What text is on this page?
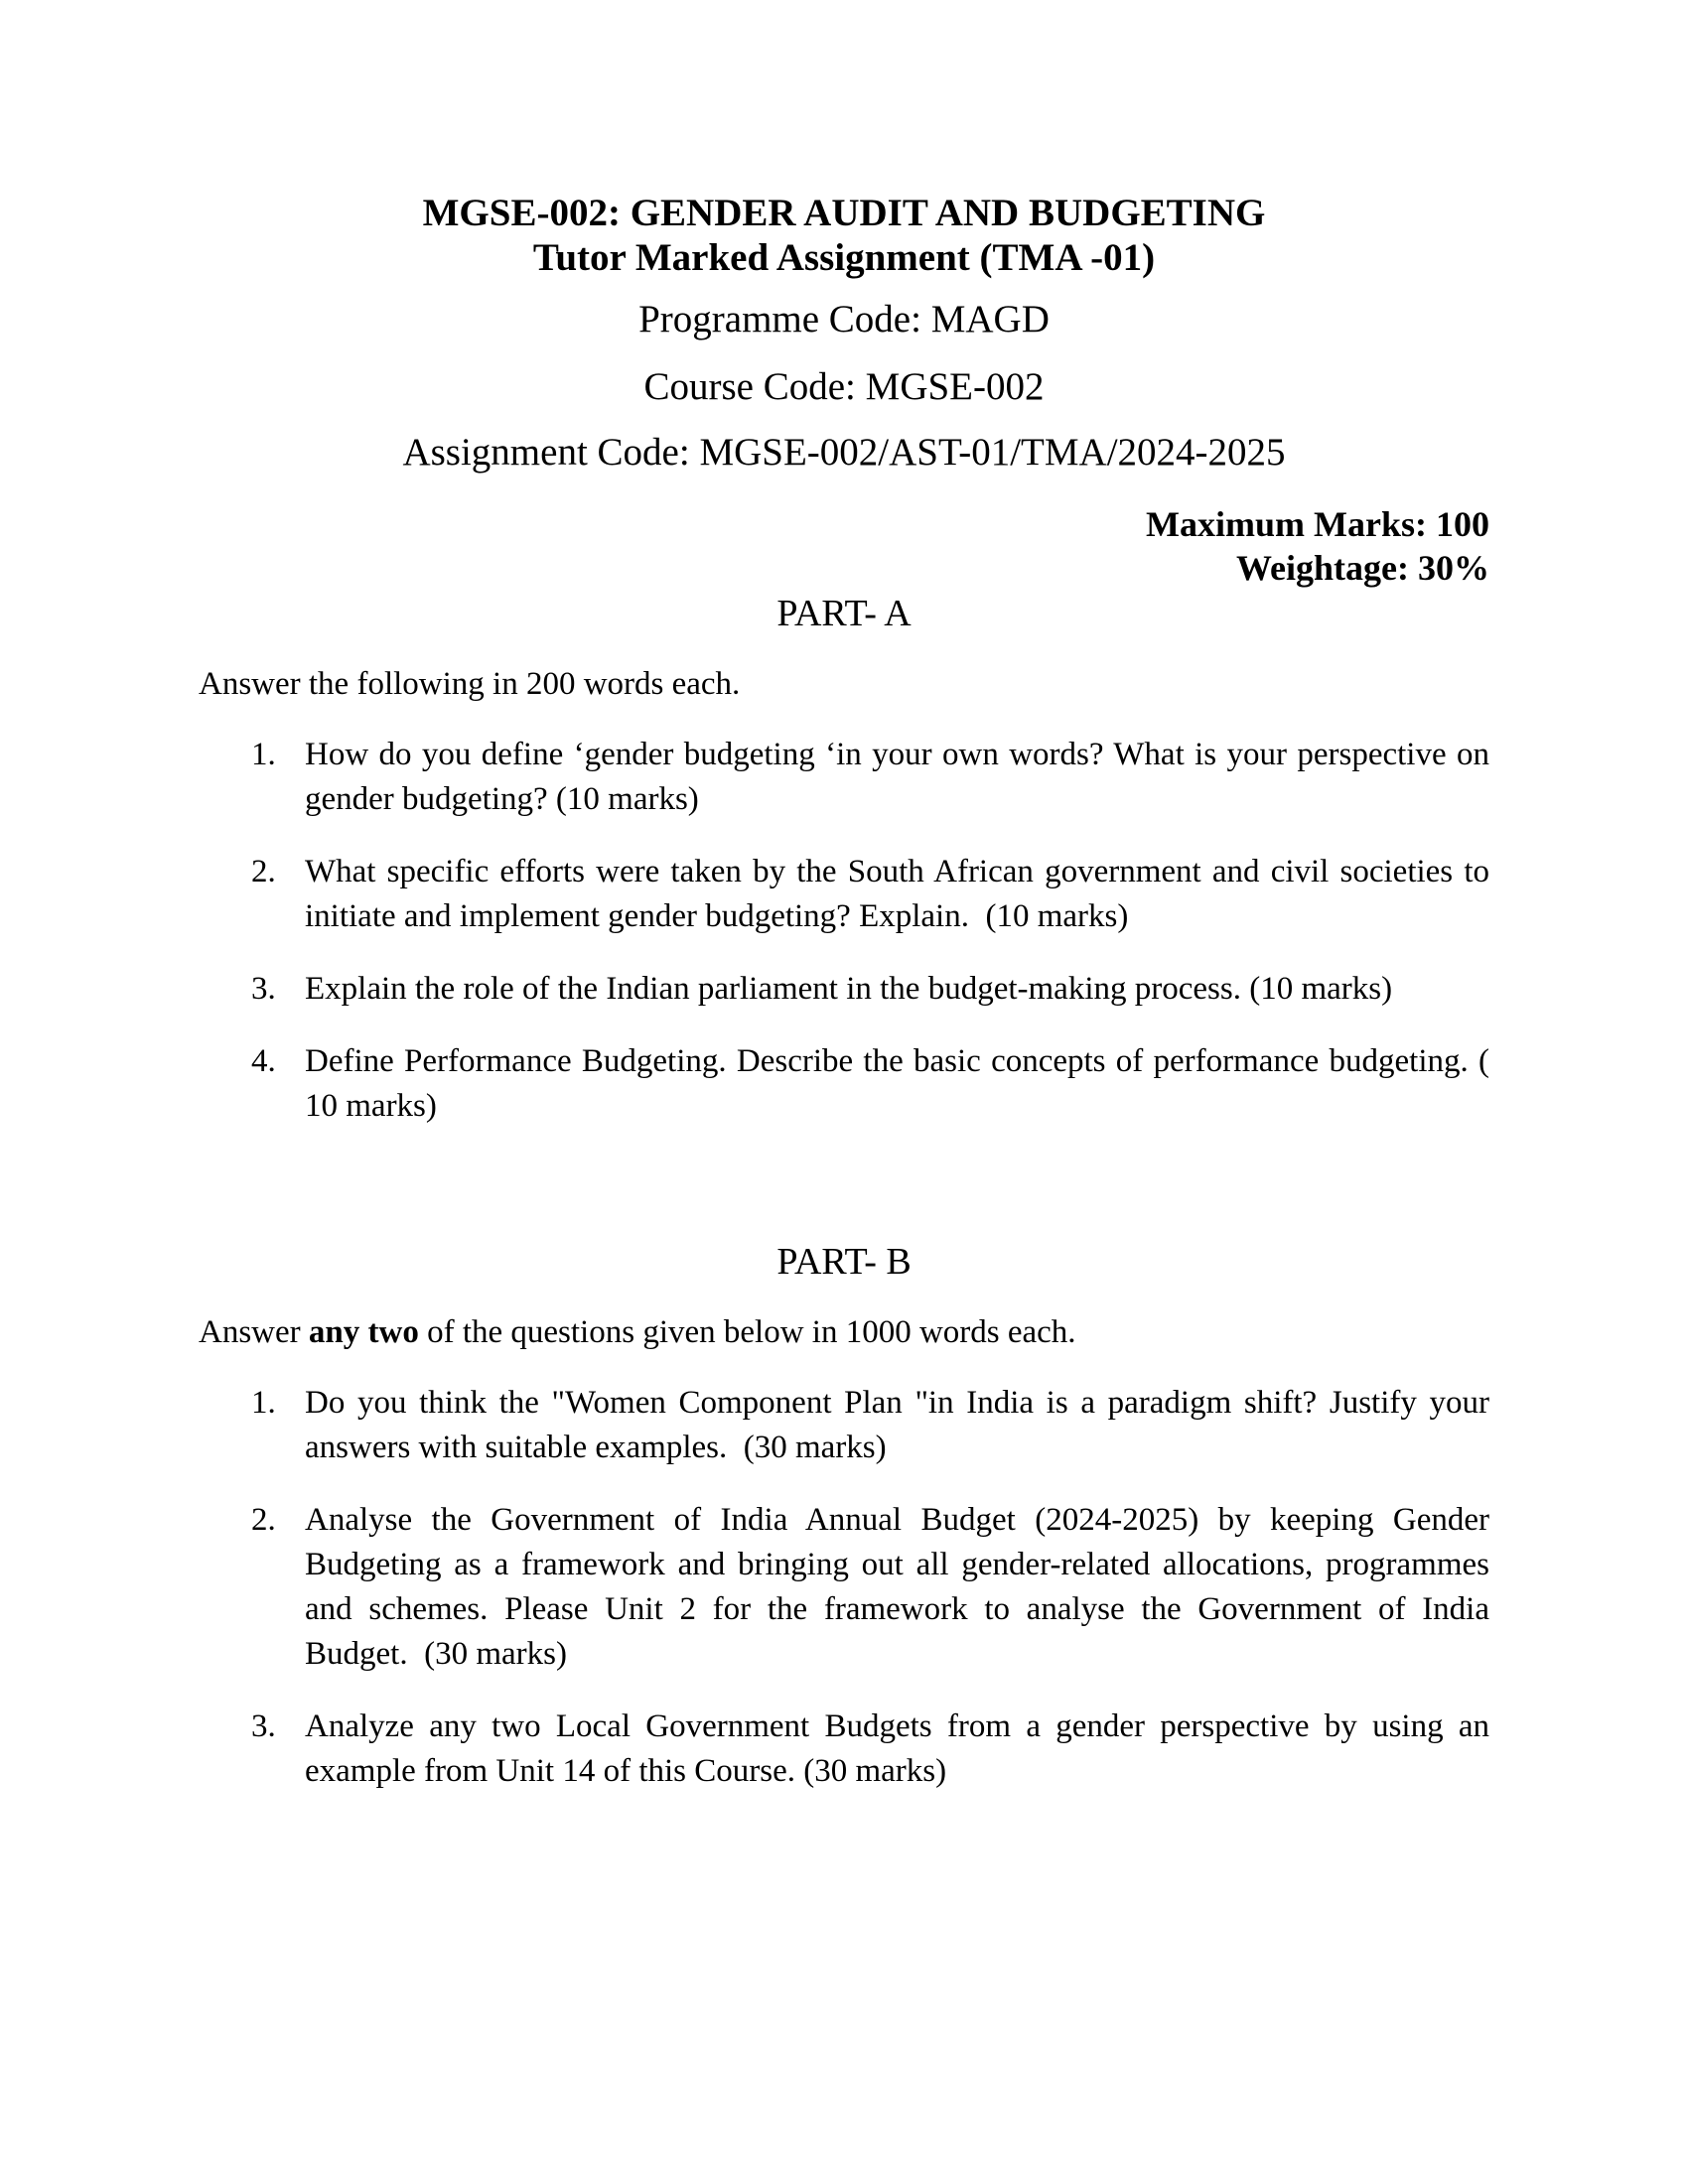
MGSE-002: GENDER AUDIT AND BUDGETING
Tutor Marked Assignment (TMA -01)

Programme Code: MAGD

Course Code: MGSE-002

Assignment Code: MGSE-002/AST-01/TMA/2024-2025

Maximum Marks: 100
Weightage: 30%
PART- A

Answer the following in 200 words each.

1. How do you define ‘gender budgeting ‘in your own words? What is your perspective on gender budgeting? (10 marks)
2. What specific efforts were taken by the South African government and civil societies to initiate and implement gender budgeting? Explain.  (10 marks)
3. Explain the role of the Indian parliament in the budget-making process. (10 marks)
4. Define Performance Budgeting. Describe the basic concepts of performance budgeting. ( 10 marks)
PART- B

Answer any two of the questions given below in 1000 words each.

1. Do you think the "Women Component Plan "in India is a paradigm shift? Justify your answers with suitable examples.  (30 marks)
2. Analyse the Government of India Annual Budget (2024-2025) by keeping Gender Budgeting as a framework and bringing out all gender-related allocations, programmes and schemes. Please Unit 2 for the framework to analyse the Government of India Budget.  (30 marks)
3. Analyze any two Local Government Budgets from a gender perspective by using an example from Unit 14 of this Course. (30 marks)
